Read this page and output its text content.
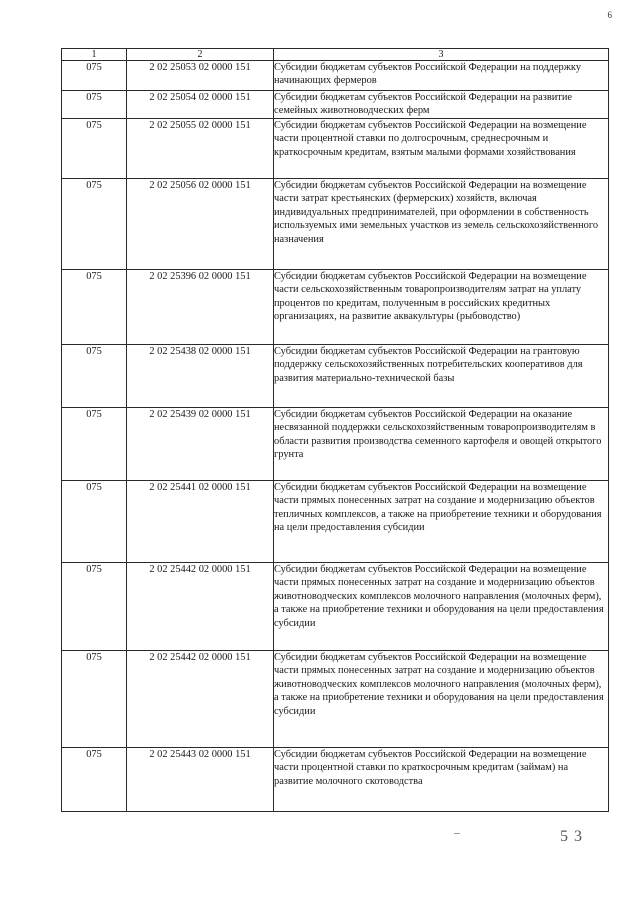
6
1	2	3
075	2 02 25053 02 0000 151	Субсидии бюджетам субъектов Российской Федерации на поддержку начинающих фермеров
075	2 02 25054 02 0000 151	Субсидии бюджетам субъектов Российской Федерации на развитие семейных животноводческих ферм
075	2 02 25055 02 0000 151	Субсидии бюджетам субъектов Российской Федерации на возмещение части процентной ставки по долгосрочным, среднесрочным и краткосрочным кредитам, взятым малыми формами хозяйствования
075	2 02 25056 02 0000 151	Субсидии бюджетам субъектов Российской Федерации на возмещение части затрат крестьянских (фермерских) хозяйств, включая индивидуальных предпринимателей, при оформлении в собственность используемых ими земельных участков из земель сельскохозяйственного назначения
075	2 02 25396 02 0000 151	Субсидии бюджетам субъектов Российской Федерации на возмещение части сельскохозяйственным товаропроизводителям затрат на уплату процентов по кредитам, полученным в российских кредитных организациях, на развитие аквакультуры (рыбоводство)
075	2 02 25438 02 0000 151	Субсидии бюджетам субъектов Российской Федерации на грантовую поддержку сельскохозяйственных потребительских кооперативов для развития материально-технической базы
075	2 02 25439 02 0000 151	Субсидии бюджетам субъектов Российской Федерации на оказание несвязанной поддержки сельскохозяйственным товаропроизводителям в области развития производства семенного картофеля и овощей открытого грунта
075	2 02 25441 02 0000 151	Субсидии бюджетам субъектов Российской Федерации на возмещение части прямых понесенных затрат на создание и модернизацию объектов тепличных комплексов, а также на приобретение техники и оборудования на цели предоставления субсидии
075	2 02 25442 02 0000 151	Субсидии бюджетам субъектов Российской Федерации на возмещение части прямых понесенных затрат на создание и модернизацию объектов животноводческих комплексов молочного направления (молочных ферм), а также на приобретение техники и оборудования на цели предоставления субсидии
075	2 02 25442 02 0000 151	Субсидии бюджетам субъектов Российской Федерации на возмещение части прямых понесенных затрат на создание и модернизацию объектов животноводческих комплексов молочного направления (молочных ферм), а также на приобретение техники и оборудования на цели предоставления субсидии
075	2 02 25443 02 0000 151	Субсидии бюджетам субъектов Российской Федерации на возмещение части процентной ставки по краткосрочным кредитам (займам) на развитие молочного скотоводства
5 3
